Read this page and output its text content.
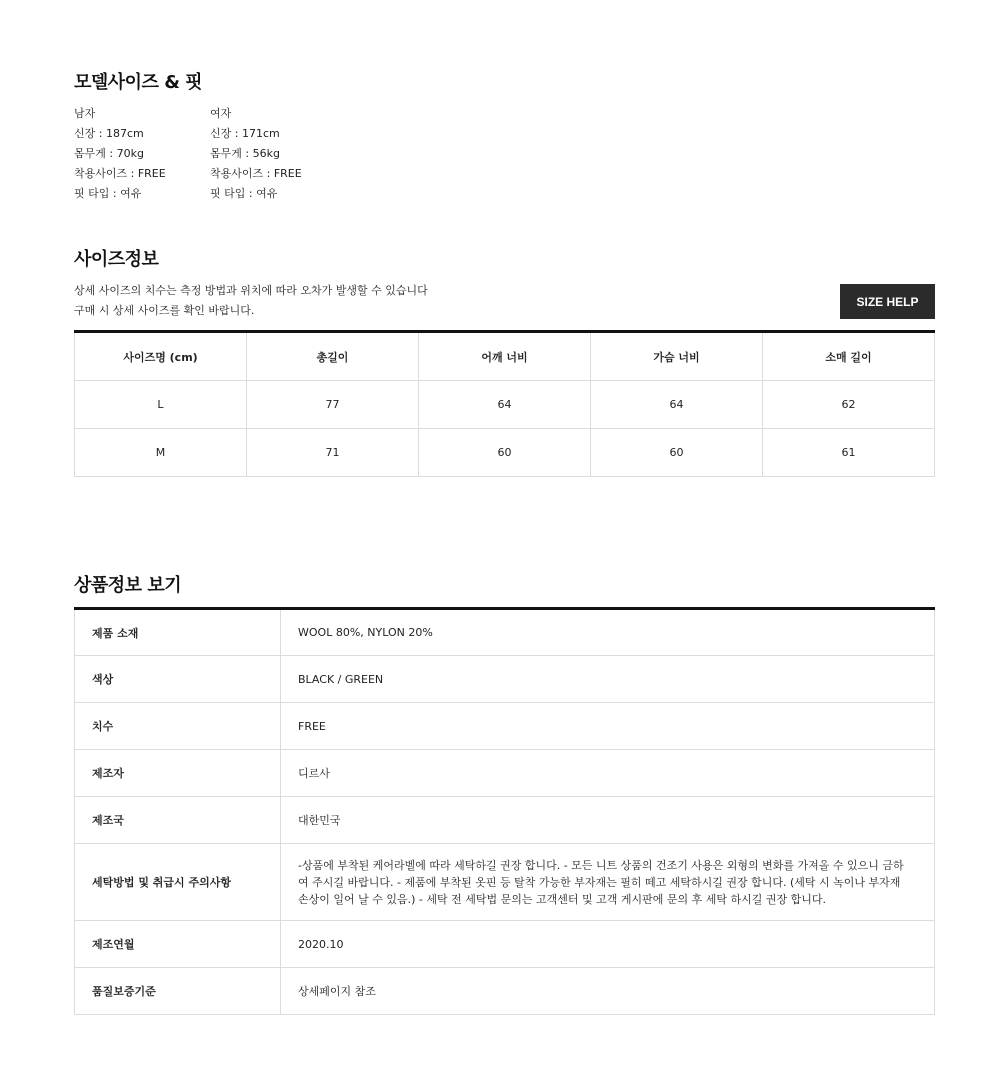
모델사이즈 & 핏
남자
신장 : 187cm
몸무게 : 70kg
착용사이즈 : FREE
핏 타입 : 여유
여자
신장 : 171cm
몸무게 : 56kg
착용사이즈 : FREE
핏 타입 : 여유
사이즈정보
상세 사이즈의 치수는 측정 방법과 위치에 따라 오차가 발생할 수 있습니다
구매 시 상세 사이즈를 확인 바랍니다.
SIZE HELP
사이즈명 (cm)	총길이	어깨 너비	가슴 너비	소매 길이
L	77	64	64	62
M	71	60	60	61
상품정보 보기
제품 소재	WOOL 80%, NYLON 20%
색상	BLACK / GREEN
치수	FREE
제조자	디르사
제조국	대한민국
세탁방법 및 취급시 주의사항	-상품에 부착된 케어라벨에 따라 세탁하길 권장 합니다. - 모든 니트 상품의 건조기 사용은 외형의 변화를 가져올 수 있으니 금하여 주시길 바랍니다. - 제품에 부착된 옷핀 등 탈착 가능한 부자재는 필히 떼고 세탁하시길 권장 합니다. (세탁 시 녹이나 부자재 손상이 일어 날 수 있음.) - 세탁 전 세탁법 문의는 고객센터 및 고객 게시판에 문의 후 세탁 하시길 권장 합니다.
제조연월	2020.10
품질보증기준	상세페이지 참조
